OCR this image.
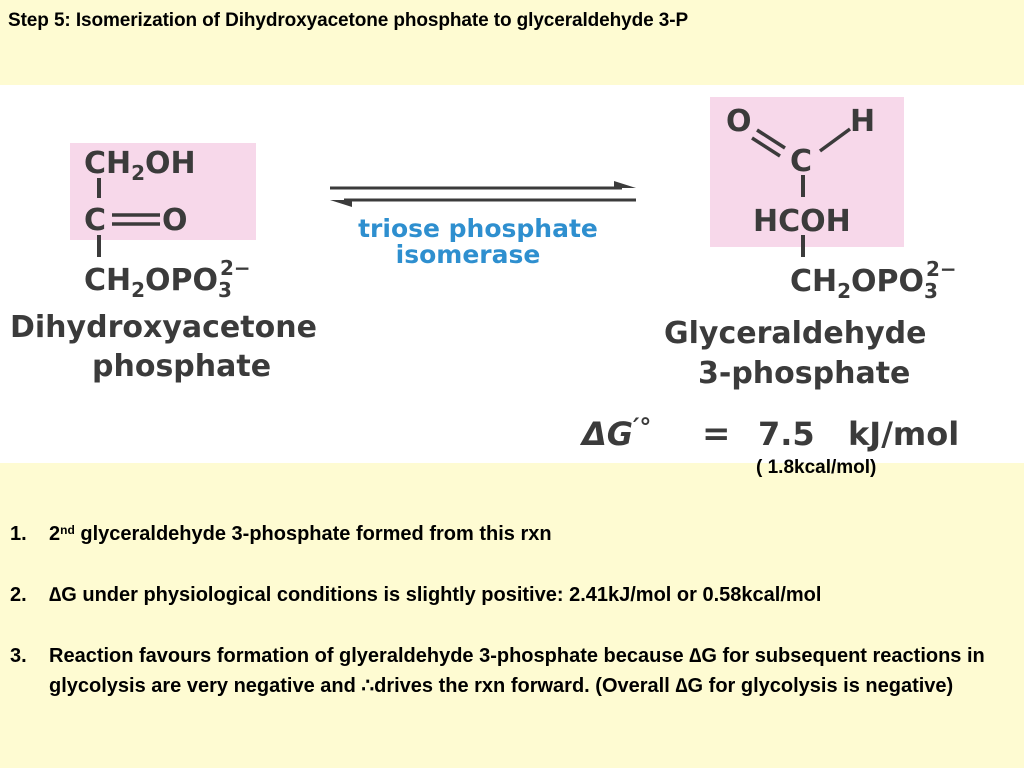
Step 5: Isomerization of Dihydroxyacetone phosphate to glyceraldehyde 3-P
$CH_2OH$
C O
$CH_2OPO_32-$
Dihydroxyacetone
phosphate
triose phosphate
isomerase
O	H
C
HCOH
$CH_2OPO_32-$
Glyceraldehyde
3-phosphate
ΔG′° = 7.5 kJ/mol
( 1.8kcal/mol)
1.	2nd glyceraldehyde 3-phosphate formed from this rxn
2.	∆G under physiological conditions is slightly positive: 2.41kJ/mol or 0.58kcal/mol
3.	Reaction favours formation of glyeraldehyde 3-phosphate because ∆G for subsequent reactions in glycolysis are very negative and ∴drives the rxn forward. (Overall ∆G for glycolysis is negative)
